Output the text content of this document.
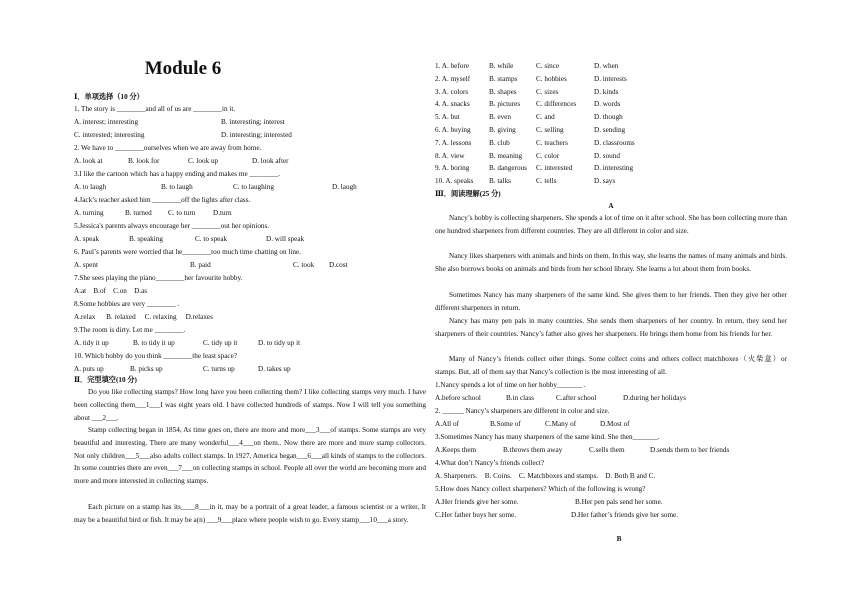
Module 6
Ⅰ．单项选择（10 分）
1. The story is ________and all of us are ________in it.
A. interest; interesting	B. interesting; interest
C. interested; interesting	D. interesting; interested
2. We have to ________ourselves when we are away from home.
A. look at	B. look for	C. look up	D. look after
3.I like the cartoon which has a happy ending and makes me ________.
A. to laugh	B. to laugh	C. to laughing	D. laugh
4.Jack’s teacher asked him ________off the lights after class.
A. turning	B. turned C. to turn D.turn
5.Jessica's parents always encourage her ________out her opinions.
A. speak	B. speaking	C. to speak	D. will speak
6. Paul’s parents were worried that he________too much time chatting on line.
A. spent	B. paid	C. took D.cost
7.She sees playing the piano________her favourite hobby.
A.at    B.of    C.on    D.as
8.Some hobbies are very ________ .
A.relax      B. relaxed     C. relaxing     D.relaxes
9.The room is dirty. Let me ________.
A. tidy it up	B. to tidy it up	C. tidy up it	D. to tidy up it
10. Which hobby do you think ________the least space?
A. puts up	B. picks up	C. turns up	D. takes up
Ⅱ．完型填空(10 分)
Do you like collecting stamps? How long have you been collecting them? I like collecting stamps very much. I have been collecting them___1___I was eight years old. I have collected hundreds of stamps. Now I will tell you something about ___2___.
Stamp collecting began in 1854, As time goes on, there are more and more___3___of stamps. Some stamps are very beautiful and interesting. There are many wonderful___4___on them.. Now there are more and more stamp collectors. Not only children___5___also adults collect stamps. In 1927, America began___6___all kinds of stamps to the collectors. In some countries there are even___7___on collecting stamps in school. People all over the world are becoming more and more and more interested in collecting stamps.
Each picture on a stamp has its____8___in it, may be a portrait of a great leader, a famous scientist or a writer, It may be a beautiful bird or fish. It may be a(n) ___9___place where people wish to go. Every stamp___10___a story.
1. A. before	B. while	C. since	D. when
2. A. myself	B. stamps	C. hobbies	D. interests
3. A. colors	B. shapes	C. sizes	D. kinds
4. A. snacks	B. pictures C. differences D. words
5. A. but	B. even	C. and	D. though
6. A. buying	B. giving	C. selling	D. sending
7. A. lessons B. club	C. teachers	D. classrooms
8. A. view	B. meaning C. color	D. sound
9. A. boring	B. dangerous C. interested	D. interesting
10. A. speaks B. talks	C. tells	D. says
Ⅲ．阅读理解(25 分)
A
Nancy’s hobby is collecting sharpeners. She spends a lot of time on it after school. She has been collecting more than one hundred sharpeners from different countries. They are all different in color and size.
Nancy likes sharpeners with animals and birds on them. In this way, she learns the names of many animals and birds. She also borrows books on animals and birds from her school library. She learns a lot about them from books.
Sometimes Nancy has many sharpeners of the same kind. She gives them to her friends. Then they give her other different sharpeners in return.
Nancy has many pen pals in many countries. She sends them sharpeners of her country. In return, they send her sharpeners of their countries. Nancy’s father also gives her sharpeners. He brings them home from his friends for her.
Many of Nancy’s friends collect other things. Some collect coins and others collect matchboxes（火柴盒）or stamps. But, all of them say that Nancy’s collection is the most interesting of all.
1.Nancy spends a lot of time on her hobby_______ .
A.before school	B.in class	C.after school	D.during her holidays
2. ______ Nancy’s sharpeners are different in color and size.
A.All of	B.Some of	C.Many of	D.Most of
3.Sometimes Nancy has many sharpeners of the same kind. She then_______.
A.Keeps them	B.throws them away	C.sells them	D.sends them to her friends
4.What don’t Nancy’s friends collect?
A. Sharpeners.    B. Coins.    C. Matchboxes and stamps.    D. Both B and C.
5.How does Nancy collect sharpeners? Which of the following is wrong?
A.Her friends give her some.	B.Her pen pals send her some.
C.Her father buys her some.	D.Her father’s friends give her some.
B
